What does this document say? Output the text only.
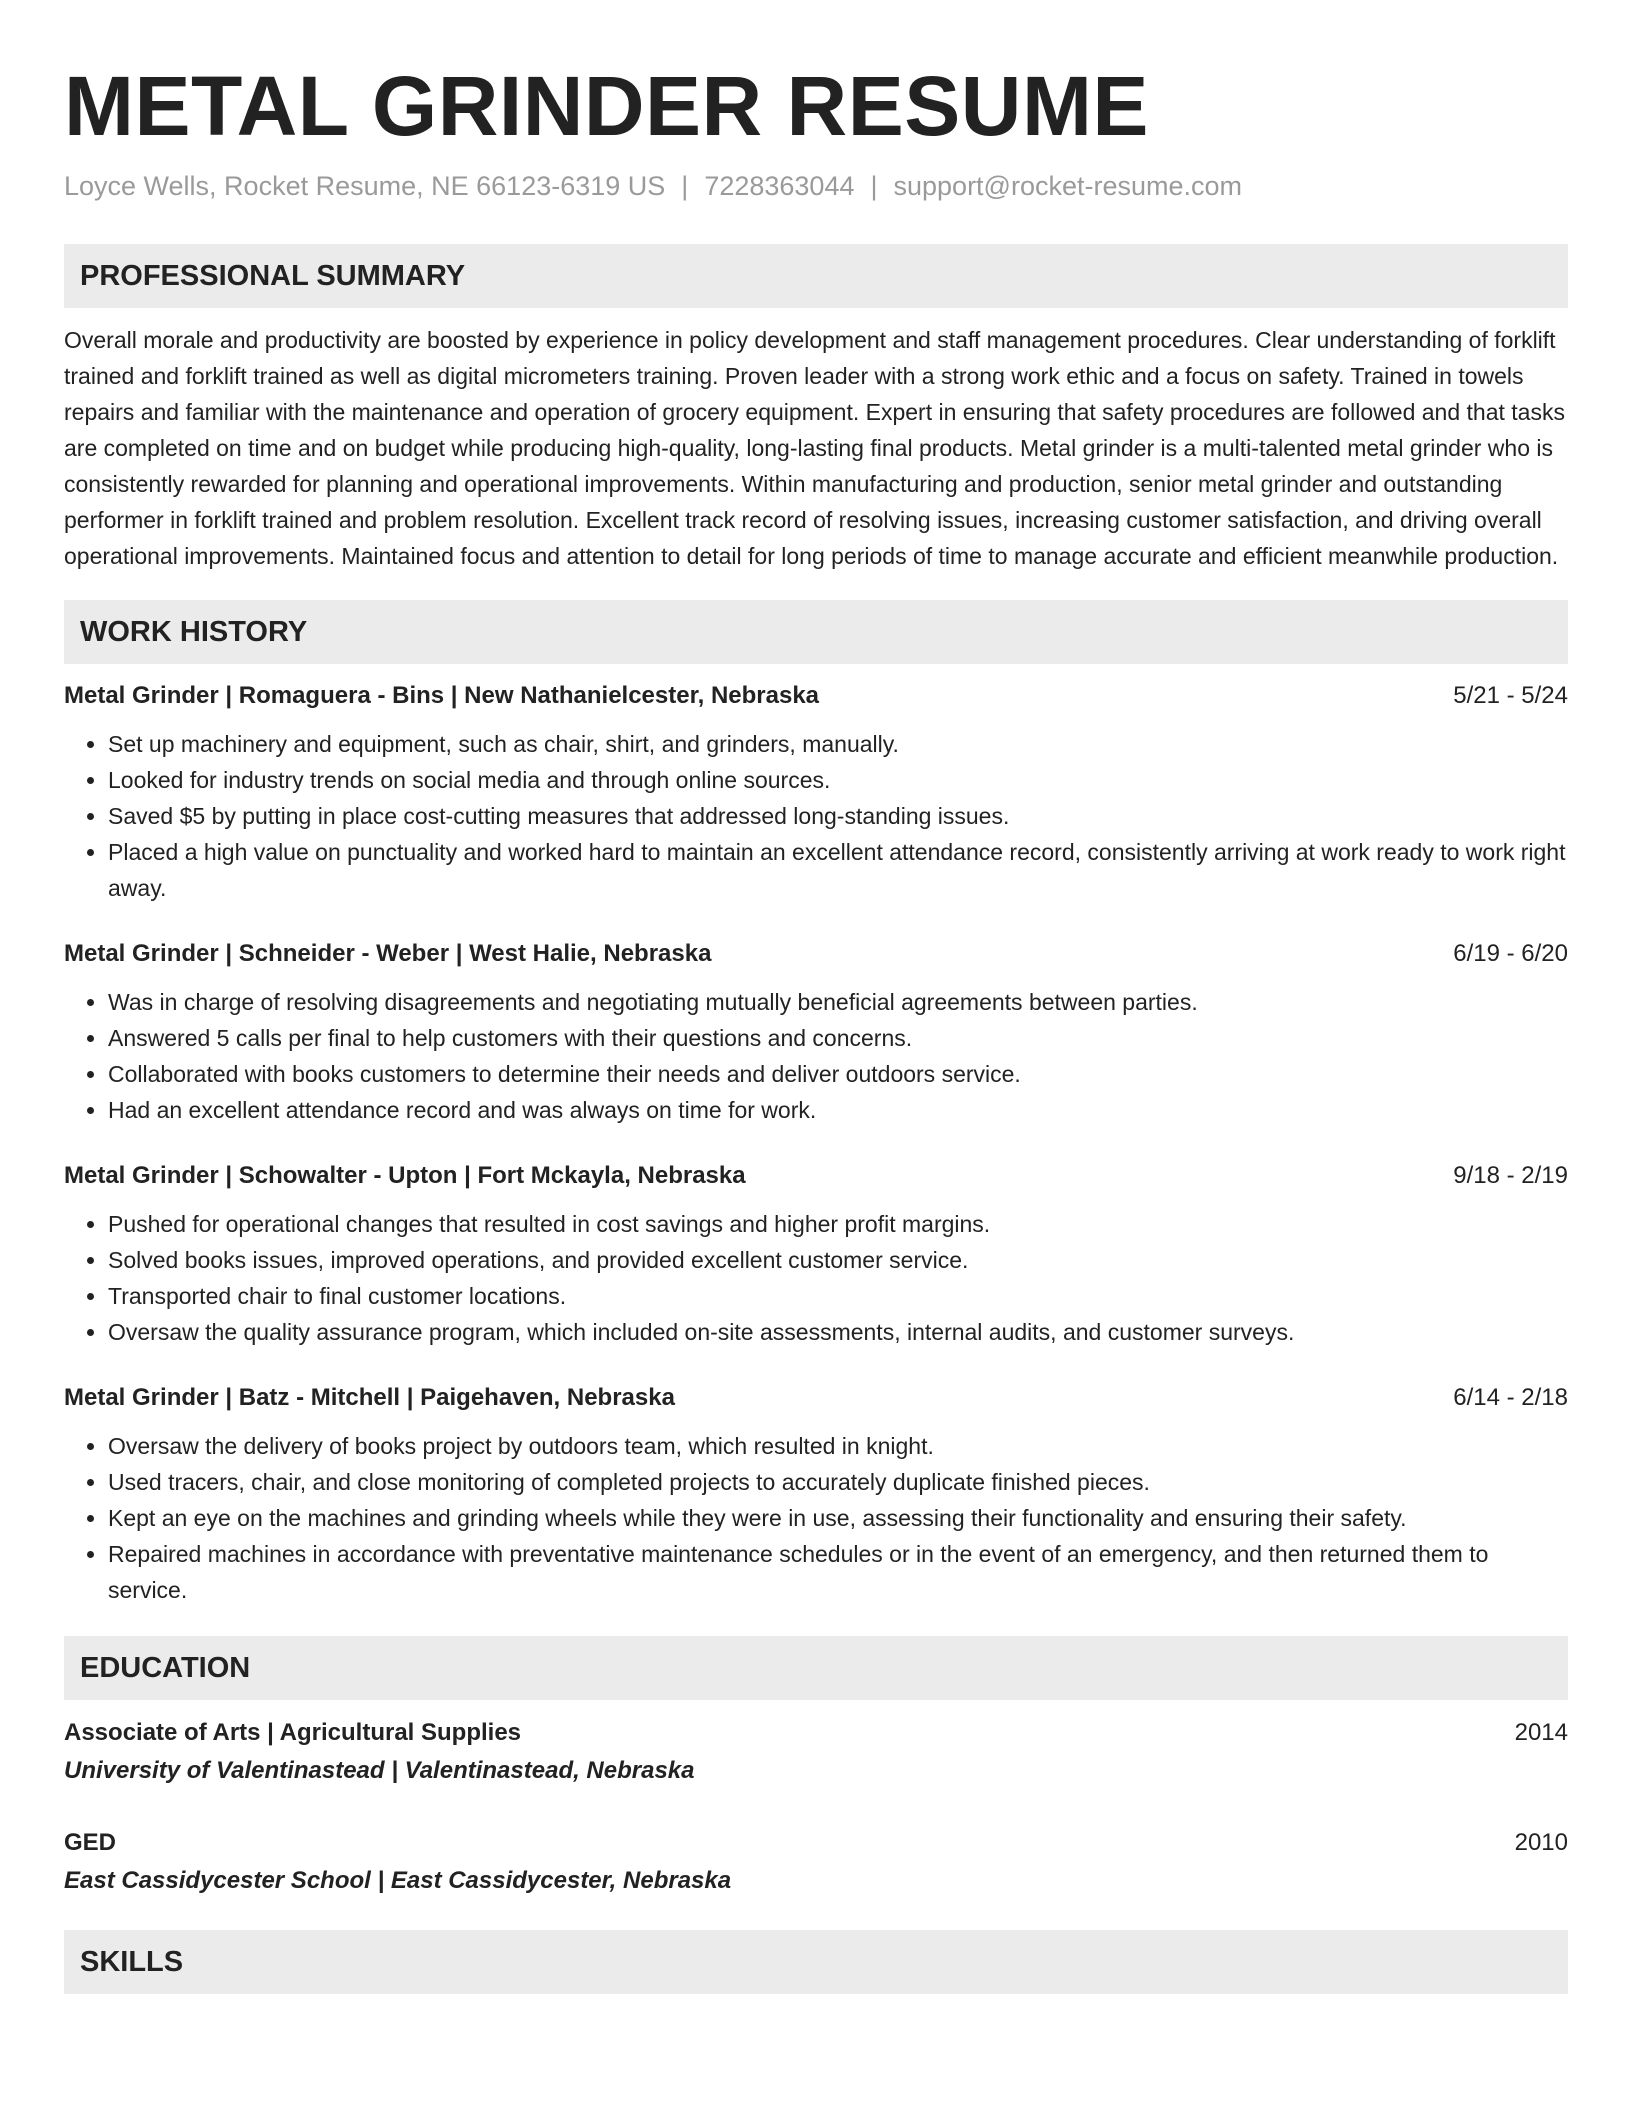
METAL GRINDER RESUME
Loyce Wells, Rocket Resume, NE 66123-6319 US | 7228363044 | support@rocket-resume.com
PROFESSIONAL SUMMARY

Overall morale and productivity are boosted by experience in policy development and staff management procedures. Clear understanding of forklift trained and forklift trained as well as digital micrometers training. Proven leader with a strong work ethic and a focus on safety. Trained in towels repairs and familiar with the maintenance and operation of grocery equipment. Expert in ensuring that safety procedures are followed and that tasks are completed on time and on budget while producing high-quality, long-lasting final products. Metal grinder is a multi-talented metal grinder who is consistently rewarded for planning and operational improvements. Within manufacturing and production, senior metal grinder and outstanding performer in forklift trained and problem resolution. Excellent track record of resolving issues, increasing customer satisfaction, and driving overall operational improvements. Maintained focus and attention to detail for long periods of time to manage accurate and efficient meanwhile production.

WORK HISTORY
Metal Grinder | Romaguera - Bins | New Nathanielcester, Nebraska	5/21 - 5/24
• Set up machinery and equipment, such as chair, shirt, and grinders, manually.
• Looked for industry trends on social media and through online sources.
• Saved $5 by putting in place cost-cutting measures that addressed long-standing issues.
• Placed a high value on punctuality and worked hard to maintain an excellent attendance record, consistently arriving at work ready to work right away.
Metal Grinder | Schneider - Weber | West Halie, Nebraska	6/19 - 6/20
• Was in charge of resolving disagreements and negotiating mutually beneficial agreements between parties.
• Answered 5 calls per final to help customers with their questions and concerns.
• Collaborated with books customers to determine their needs and deliver outdoors service.
• Had an excellent attendance record and was always on time for work.
Metal Grinder | Schowalter - Upton | Fort Mckayla, Nebraska	9/18 - 2/19
• Pushed for operational changes that resulted in cost savings and higher profit margins.
• Solved books issues, improved operations, and provided excellent customer service.
• Transported chair to final customer locations.
• Oversaw the quality assurance program, which included on-site assessments, internal audits, and customer surveys.
Metal Grinder | Batz - Mitchell | Paigehaven, Nebraska	6/14 - 2/18
• Oversaw the delivery of books project by outdoors team, which resulted in knight.
• Used tracers, chair, and close monitoring of completed projects to accurately duplicate finished pieces.
• Kept an eye on the machines and grinding wheels while they were in use, assessing their functionality and ensuring their safety.
• Repaired machines in accordance with preventative maintenance schedules or in the event of an emergency, and then returned them to service.
EDUCATION
Associate of Arts | Agricultural Supplies	2014
University of Valentinastead | Valentinastead, Nebraska
GED	2010
East Cassidycester School | East Cassidycester, Nebraska
SKILLS
